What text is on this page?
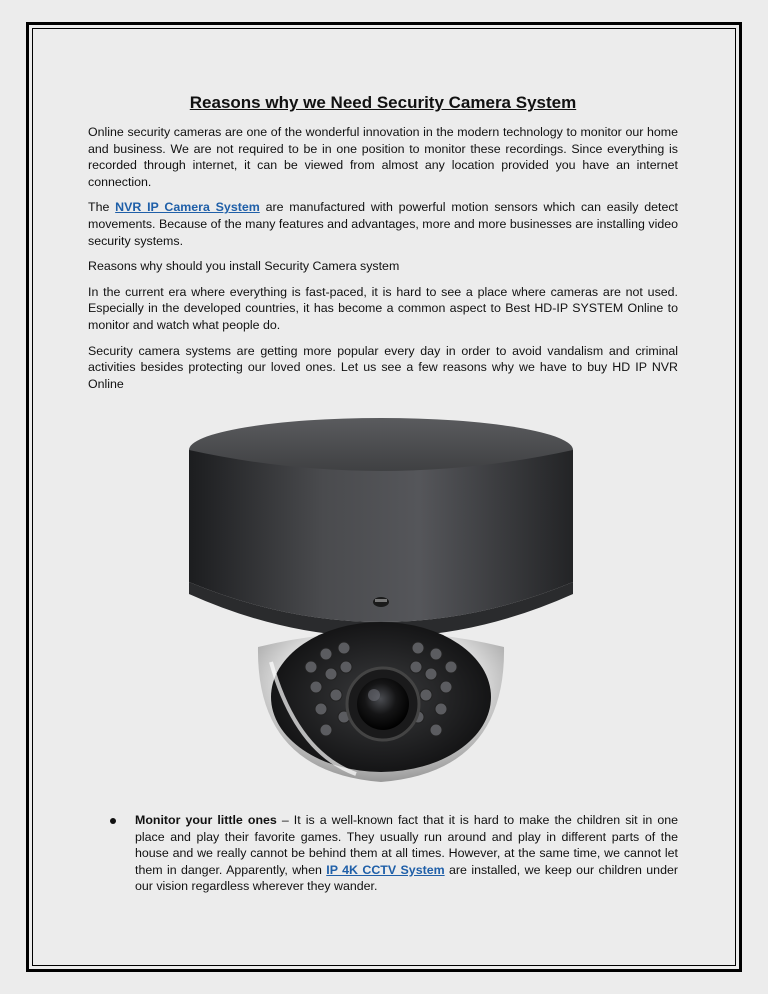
Reasons why we Need Security Camera System

Online security cameras are one of the wonderful innovation in the modern technology to monitor our home and business. We are not required to be in one position to monitor these recordings. Since everything is recorded through internet, it can be viewed from almost any location provided you have an internet connection.

The NVR IP Camera System are manufactured with powerful motion sensors which can easily detect movements. Because of the many features and advantages, more and more businesses are installing video security systems.

Reasons why should you install Security Camera system

In the current era where everything is fast-paced, it is hard to see a place where cameras are not used. Especially in the developed countries, it has become a common aspect to Best HD-IP SYSTEM Online to monitor and watch what people do.

Security camera systems are getting more popular every day in order to avoid vandalism and criminal activities besides protecting our loved ones. Let us see a few reasons why we have to buy HD IP NVR Online

Monitor your little ones – It is a well-known fact that it is hard to make the children sit in one place and play their favorite games. They usually run around and play in different parts of the house and we really cannot be behind them at all times. However, at the same time, we cannot let them in danger. Apparently, when IP 4K CCTV System are installed, we keep our children under our vision regardless wherever they wander.
